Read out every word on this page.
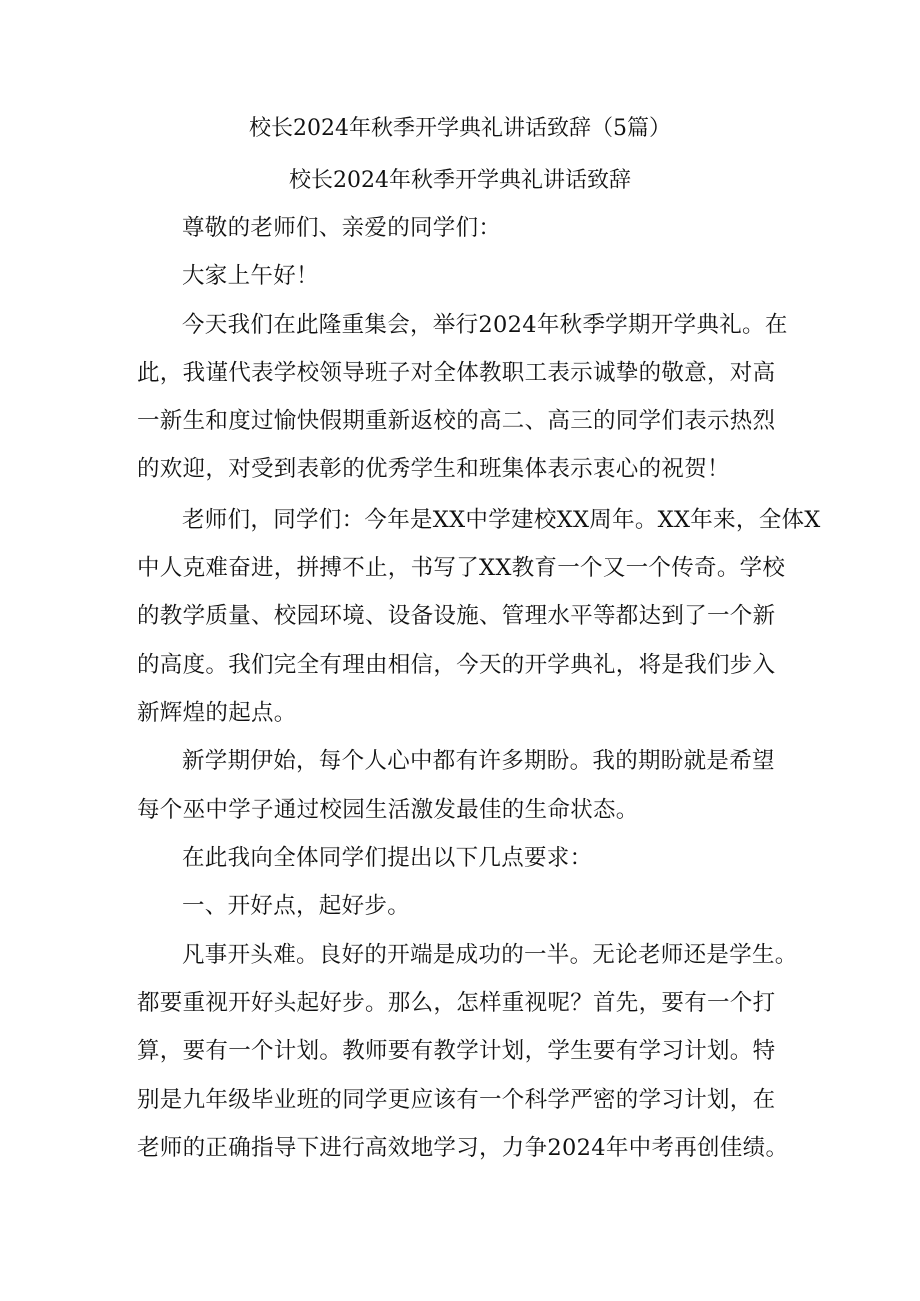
校长2024年秋季开学典礼讲话致辞（5篇）
校长2024年秋季开学典礼讲话致辞
尊敬的老师们、亲爱的同学们：
大家上午好！
今天我们在此隆重集会，举行2024年秋季学期开学典礼。在
此，我谨代表学校领导班子对全体教职工表示诚挚的敬意，对高
一新生和度过愉快假期重新返校的高二、高三的同学们表示热烈
的欢迎，对受到表彰的优秀学生和班集体表示衷心的祝贺！
老师们，同学们：今年是XX中学建校XX周年。XX年来，全体X
中人克难奋进，拼搏不止，书写了XX教育一个又一个传奇。学校
的教学质量、校园环境、设备设施、管理水平等都达到了一个新
的高度。我们完全有理由相信，今天的开学典礼，将是我们步入
新辉煌的起点。
新学期伊始，每个人心中都有许多期盼。我的期盼就是希望
每个巫中学子通过校园生活激发最佳的生命状态。
在此我向全体同学们提出以下几点要求：
一、开好点，起好步。
凡事开头难。良好的开端是成功的一半。无论老师还是学生。
都要重视开好头起好步。那么，怎样重视呢？首先，要有一个打
算，要有一个计划。教师要有教学计划，学生要有学习计划。特
别是九年级毕业班的同学更应该有一个科学严密的学习计划，在
老师的正确指导下进行高效地学习，力争2024年中考再创佳绩。
